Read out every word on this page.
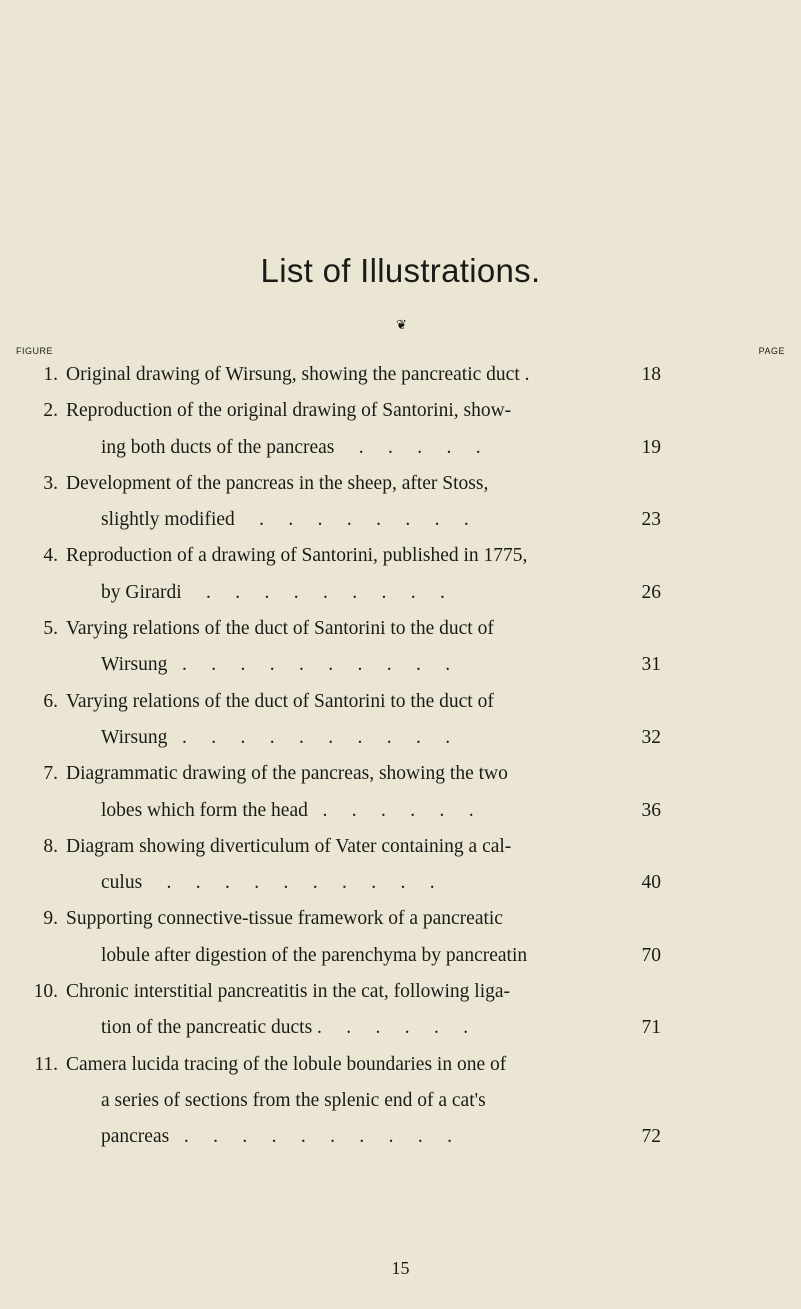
List of Illustrations.
❦
FIGURE	PAGE
1. Original drawing of Wirsung, showing the pancreatic duct .	18
2. Reproduction of the original drawing of Santorini, show-
ing both ducts of the pancreas     .     .     .     .     .	19
3. Development of the pancreas in the sheep, after Stoss,
slightly modified     .     .     .     .     .     .     .     .	23
4. Reproduction of a drawing of Santorini, published in 1775,
by Girardi     .     .     .     .     .     .     .     .     .	26
5. Varying relations of the duct of Santorini to the duct of
Wirsung   .     .     .     .     .     .     .     .     .     .	31
6. Varying relations of the duct of Santorini to the duct of
Wirsung   .     .     .     .     .     .     .     .     .     .	32
7. Diagrammatic drawing of the pancreas, showing the two
lobes which form the head   .     .     .     .     .     .	36
8. Diagram showing diverticulum of Vater containing a cal-
culus     .     .     .     .     .     .     .     .     .     .	40
9. Supporting connective-tissue framework of a pancreatic
lobule after digestion of the parenchyma by pancreatin	70
10. Chronic interstitial pancreatitis in the cat, following liga-
tion of the pancreatic ducts .     .     .     .     .     .	71
11. Camera lucida tracing of the lobule boundaries in one of
a series of sections from the splenic end of a cat's
pancreas   .     .     .     .     .     .     .     .     .     .	72
15
